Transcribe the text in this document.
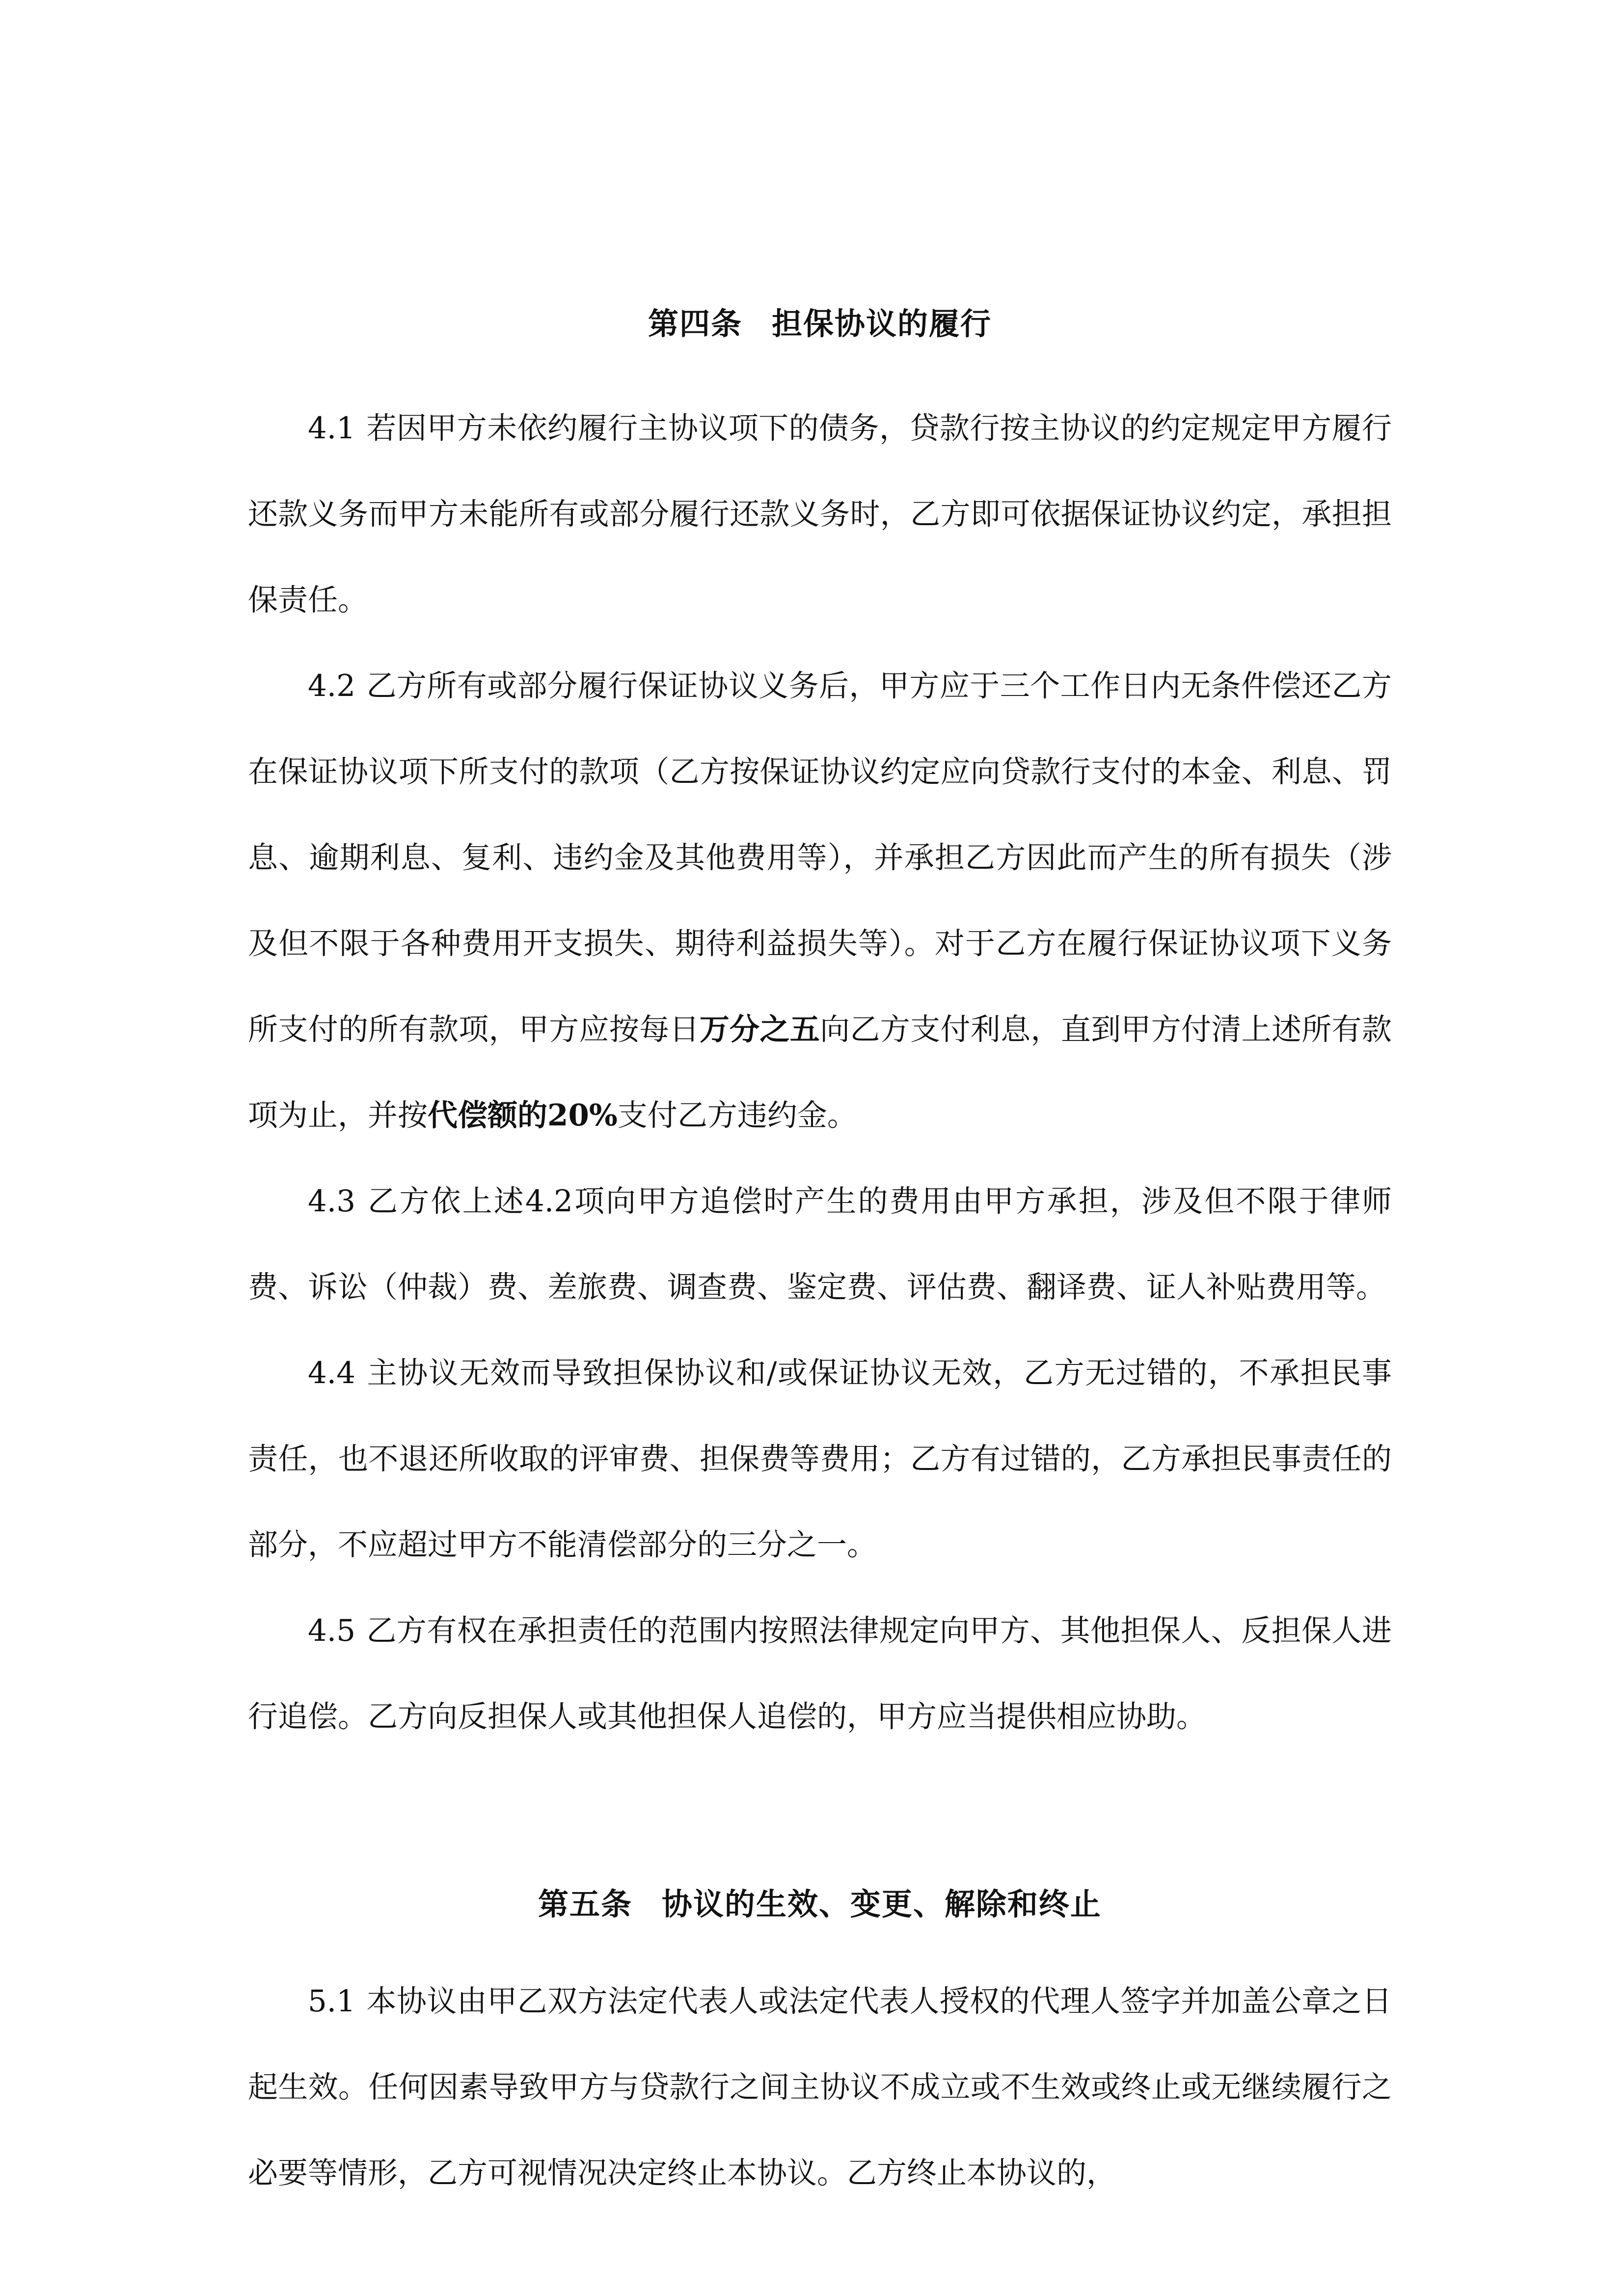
第四条 担保协议的履行

4.1 若因甲方未依约履行主协议项下的债务，贷款行按主协议的约定规定甲方履行还款义务而甲方未能所有或部分履行还款义务时，乙方即可依据保证协议约定，承担担保责任。

4.2 乙方所有或部分履行保证协议义务后，甲方应于三个工作日内无条件偿还乙方在保证协议项下所支付的款项（乙方按保证协议约定应向贷款行支付的本金、利息、罚息、逾期利息、复利、违约金及其他费用等），并承担乙方因此而产生的所有损失（涉及但不限于各种费用开支损失、期待利益损失等）。对于乙方在履行保证协议项下义务所支付的所有款项，甲方应按每日万分之五向乙方支付利息，直到甲方付清上述所有款项为止，并按代偿额的20%支付乙方违约金。

4.3 乙方依上述4.2项向甲方追偿时产生的费用由甲方承担，涉及但不限于律师费、诉讼（仲裁）费、差旅费、调查费、鉴定费、评估费、翻译费、证人补贴费用等。

4.4 主协议无效而导致担保协议和/或保证协议无效，乙方无过错的，不承担民事责任，也不退还所收取的评审费、担保费等费用；乙方有过错的，乙方承担民事责任的部分，不应超过甲方不能清偿部分的三分之一。

4.5 乙方有权在承担责任的范围内按照法律规定向甲方、其他担保人、反担保人进行追偿。乙方向反担保人或其他担保人追偿的，甲方应当提供相应协助。

第五条 协议的生效、变更、解除和终止

5.1 本协议由甲乙双方法定代表人或法定代表人授权的代理人签字并加盖公章之日起生效。任何因素导致甲方与贷款行之间主协议不成立或不生效或终止或无继续履行之必要等情形，乙方可视情况决定终止本协议。乙方终止本协议的，
